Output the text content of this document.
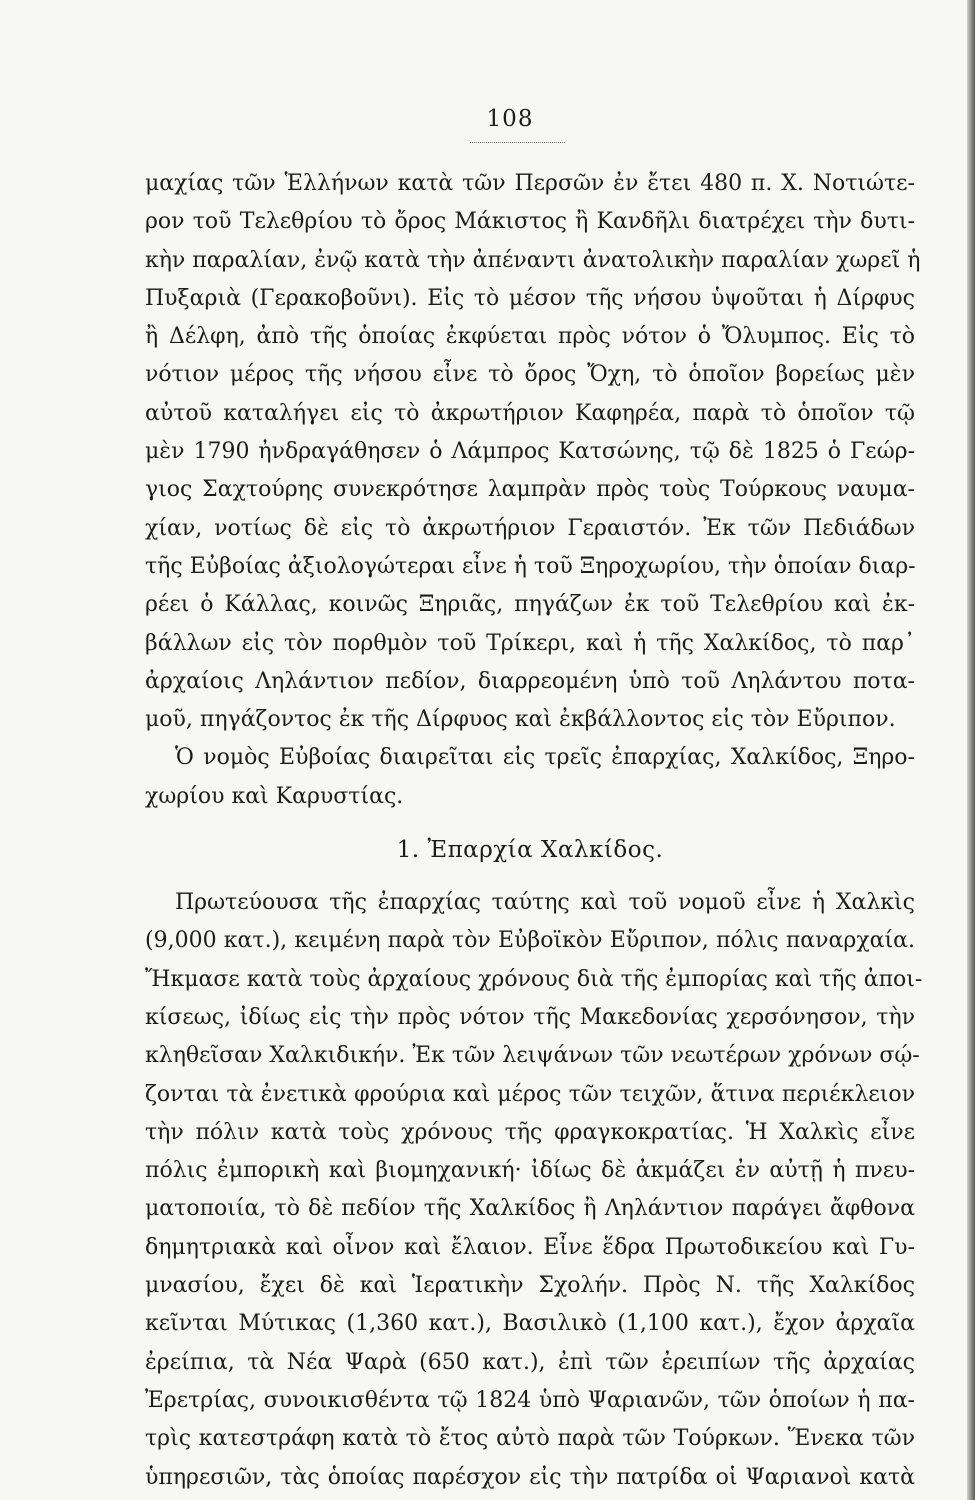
108
μαχίας τῶν Ἑλλήνων κατὰ τῶν Περσῶν ἐν ἔτει 480 π. Χ. Νοτιώτε-
ρον τοῦ Τελεθρίου τὸ ὄρος Μάκιστος ἢ Κανδῆλι διατρέχει τὴν δυτι-
κὴν παραλίαν, ἐνῷ κατὰ τὴν ἀπέναντι ἀνατολικὴν παραλίαν χωρεῖ ἡ
Πυξαριὰ (Γερακοβοῦνι). Εἰς τὸ μέσον τῆς νήσου ὑψοῦται ἡ Δίρφυς
ἢ Δέλφη, ἀπὸ τῆς ὁποίας ἐκφύεται πρὸς νότον ὁ Ὄλυμπος. Εἰς τὸ
νότιον μέρος τῆς νήσου εἶνε τὸ ὄρος Ὄχη, τὸ ὁποῖον βορείως μὲν
αὐτοῦ καταλήγει εἰς τὸ ἀκρωτήριον Καφηρέα, παρὰ τὸ ὁποῖον τῷ
μὲν 1790 ἠνδραγάθησεν ὁ Λάμπρος Κατσώνης, τῷ δὲ 1825 ὁ Γεώρ-
γιος Σαχτούρης συνεκρότησε λαμπρὰν πρὸς τοὺς Τούρκους ναυμα-
χίαν, νοτίως δὲ εἰς τὸ ἀκρωτήριον Γεραιστόν. Ἐκ τῶν Πεδιάδων
τῆς Εὐβοίας ἀξιολογώτεραι εἶνε ἡ τοῦ Ξηροχωρίου, τὴν ὁποίαν διαρ-
ρέει ὁ Κάλλας, κοινῶς Ξηριᾶς, πηγάζων ἐκ τοῦ Τελεθρίου καὶ ἐκ-
βάλλων εἰς τὸν πορθμὸν τοῦ Τρίκερι, καὶ ἡ τῆς Χαλκίδος, τὸ παρ᾽
ἀρχαίοις Ληλάντιον πεδίον, διαρρεομένη ὑπὸ τοῦ Ληλάντου ποτα-
μοῦ, πηγάζοντος ἐκ τῆς Δίρφυος καὶ ἐκβάλλοντος εἰς τὸν Εὔριπον.
Ὁ νομὸς Εὐβοίας διαιρεῖται εἰς τρεῖς ἐπαρχίας, Χαλκίδος, Ξηρο-
χωρίου καὶ Καρυστίας.
1. Ἐπαρχία Χαλκίδος.
Πρωτεύουσα τῆς ἐπαρχίας ταύτης καὶ τοῦ νομοῦ εἶνε ἡ Χαλκὶς
(9,000 κατ.), κειμένη παρὰ τὸν Εὐβοϊκὸν Εὔριπον, πόλις παναρχαία.
Ἤκμασε κατὰ τοὺς ἀρχαίους χρόνους διὰ τῆς ἐμπορίας καὶ τῆς ἀποι-
κίσεως, ἰδίως εἰς τὴν πρὸς νότον τῆς Μακεδονίας χερσόνησον, τὴν
κληθεῖσαν Χαλκιδικήν. Ἐκ τῶν λειψάνων τῶν νεωτέρων χρόνων σῴ-
ζονται τὰ ἐνετικὰ φρούρια καὶ μέρος τῶν τειχῶν, ἅτινα περιέκλειον
τὴν πόλιν κατὰ τοὺς χρόνους τῆς φραγκοκρατίας. Ἡ Χαλκὶς εἶνε
πόλις ἐμπορικὴ καὶ βιομηχανική· ἰδίως δὲ ἀκμάζει ἐν αὐτῇ ἡ πνευ-
ματοποιία, τὸ δὲ πεδίον τῆς Χαλκίδος ἢ Ληλάντιον παράγει ἄφθονα
δημητριακὰ καὶ οἶνον καὶ ἔλαιον. Εἶνε ἕδρα Πρωτοδικείου καὶ Γυ-
μνασίου, ἔχει δὲ καὶ Ἱερατικὴν Σχολήν. Πρὸς Ν. τῆς Χαλκίδος
κεῖνται Μύτικας (1,360 κατ.), Βασιλικὸ (1,100 κατ.), ἔχον ἀρχαῖα
ἐρείπια, τὰ Νέα Ψαρὰ (650 κατ.), ἐπὶ τῶν ἐρειπίων τῆς ἀρχαίας
Ἐρετρίας, συνοικισθέντα τῷ 1824 ὑπὸ Ψαριανῶν, τῶν ὁποίων ἡ πα-
τρὶς κατεστράφη κατὰ τὸ ἔτος αὐτὸ παρὰ τῶν Τούρκων. Ἕνεκα τῶν
ὑπηρεσιῶν, τὰς ὁποίας παρέσχον εἰς τὴν πατρίδα οἱ Ψαριανοὶ κατὰ
